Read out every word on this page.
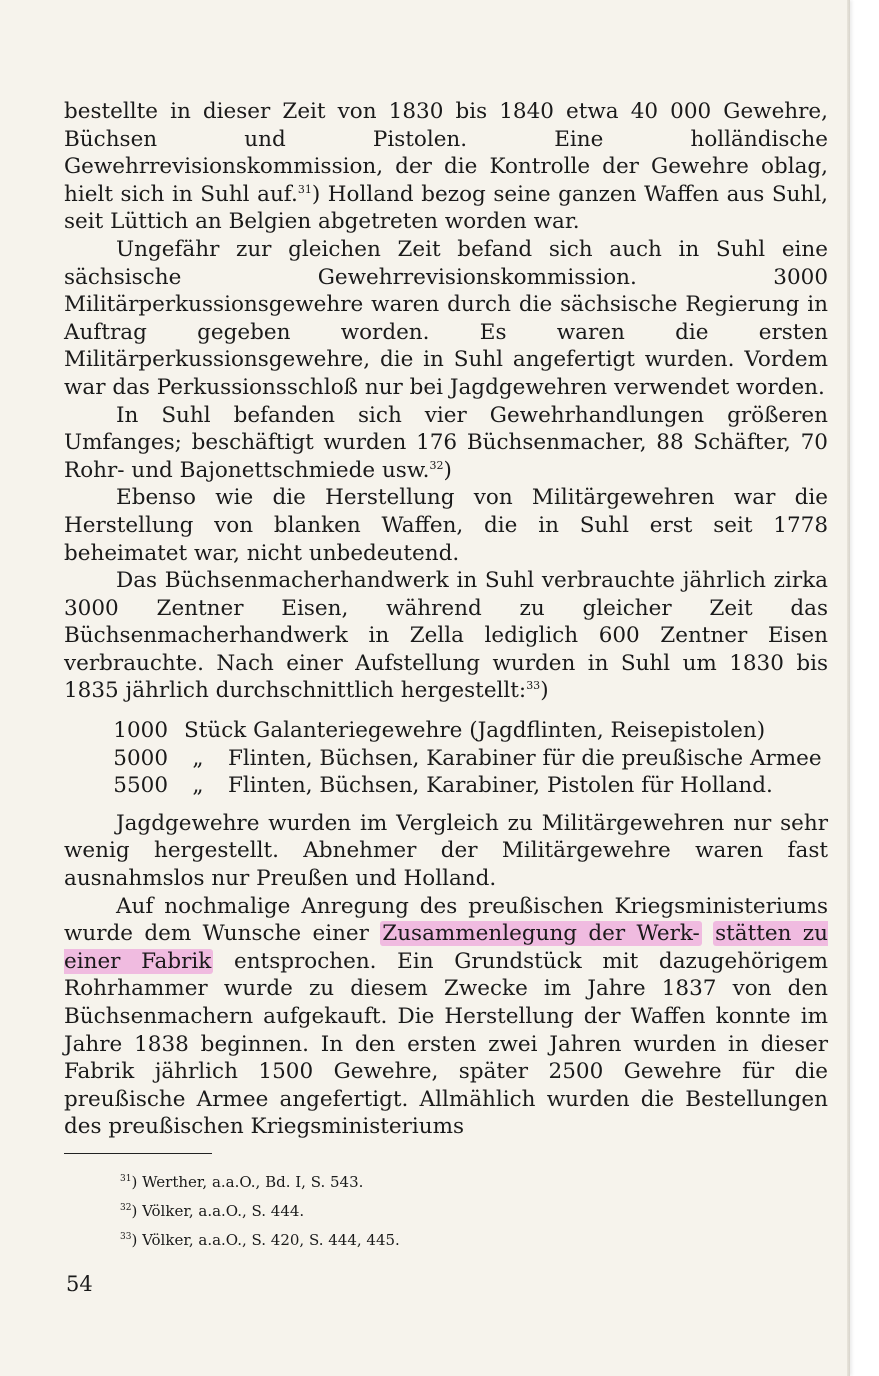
bestellte in dieser Zeit von 1830 bis 1840 etwa 40 000 Gewehre, Büchsen und Pistolen. Eine holländische Gewehrrevisionskommission, der die Kontrolle der Gewehre oblag, hielt sich in Suhl auf.$^{31}$) Holland bezog seine ganzen Waffen aus Suhl, seit Lüttich an Belgien abgetreten worden war.

Ungefähr zur gleichen Zeit befand sich auch in Suhl eine sächsische Gewehrrevisionskommission. 3000 Militärperkussionsgewehre waren durch die sächsische Regierung in Auftrag gegeben worden. Es waren die ersten Militärperkussionsgewehre, die in Suhl angefertigt wurden. Vordem war das Perkussionsschloß nur bei Jagdgewehren verwendet worden.

In Suhl befanden sich vier Gewehrhandlungen größeren Umfanges; beschäftigt wurden 176 Büchsenmacher, 88 Schäfter, 70 Rohr- und Bajonettschmiede usw.$^{32}$)

Ebenso wie die Herstellung von Militärgewehren war die Herstellung von blanken Waffen, die in Suhl erst seit 1778 beheimatet war, nicht unbedeutend.

Das Büchsenmacherhandwerk in Suhl verbrauchte jährlich zirka 3000 Zentner Eisen, während zu gleicher Zeit das Büchsenmacherhandwerk in Zella lediglich 600 Zentner Eisen verbrauchte. Nach einer Aufstellung wurden in Suhl um 1830 bis 1835 jährlich durchschnittlich hergestellt:$^{33}$)

1000 Stück Galanteriegewehre (Jagdflinten, Reisepistolen)
5000	„	Flinten, Büchsen, Karabiner für die preußische Armee
5500	„	Flinten, Büchsen, Karabiner, Pistolen für Holland.

Jagdgewehre wurden im Vergleich zu Militärgewehren nur sehr wenig hergestellt. Abnehmer der Militärgewehre waren fast ausnahmslos nur Preußen und Holland.

Auf nochmalige Anregung des preußischen Kriegsministeriums wurde dem Wunsche einer Zusammenlegung der Werk- stätten zu einer Fabrik entsprochen. Ein Grundstück mit dazugehörigem Rohrhammer wurde zu diesem Zwecke im Jahre 1837 von den Büchsenmachern aufgekauft. Die Herstellung der Waffen konnte im Jahre 1838 beginnen. In den ersten zwei Jahren wurden in dieser Fabrik jährlich 1500 Gewehre, später 2500 Gewehre für die preußische Armee angefertigt. Allmählich wurden die Bestellungen des preußischen Kriegsministeriums

$^{31}$) Werther, a.a.O., Bd. I, S. 543.
$^{32}$) Völker, a.a.O., S. 444.
$^{33}$) Völker, a.a.O., S. 420, S. 444, 445.
54
